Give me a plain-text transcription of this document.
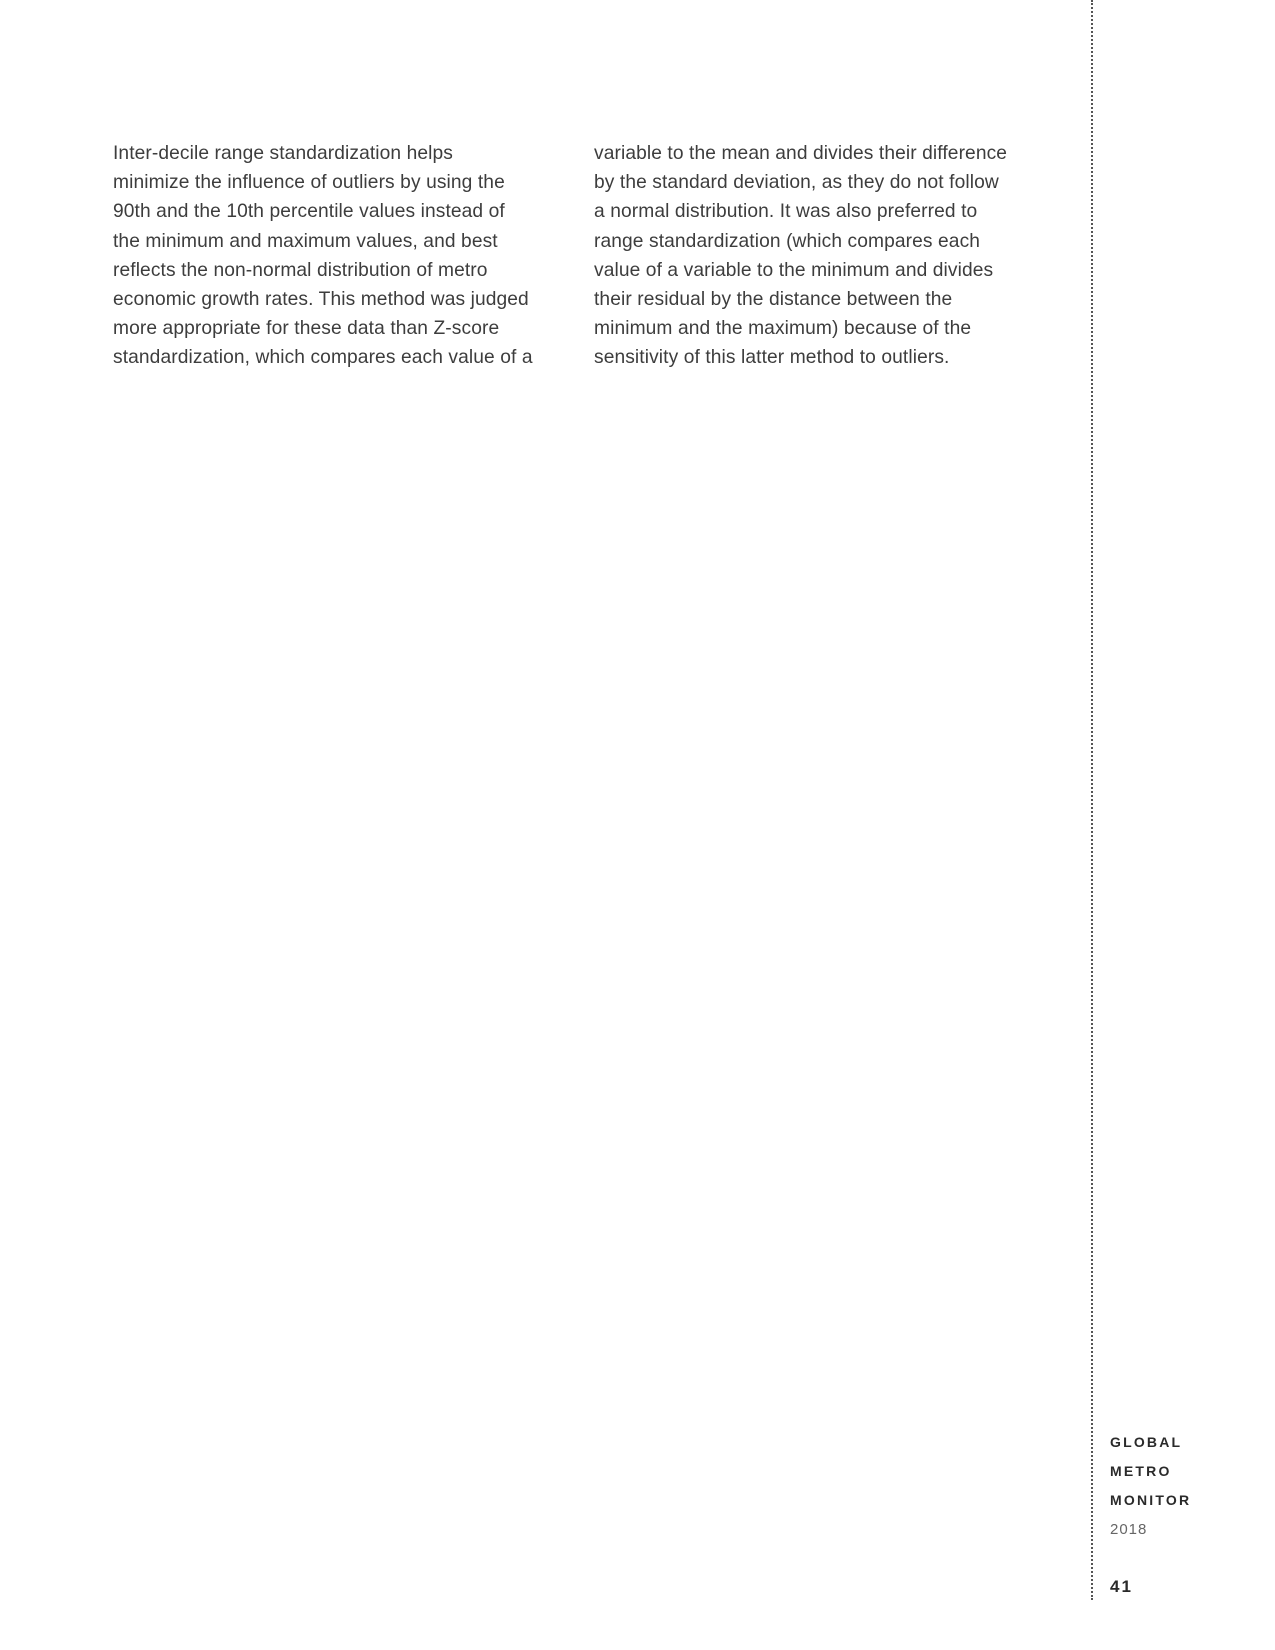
Inter-decile range standardization helps
minimize the influence of outliers by using the
90th and the 10th percentile values instead of
the minimum and maximum values, and best
reflects the non-normal distribution of metro
economic growth rates. This method was judged
more appropriate for these data than Z-score
standardization, which compares each value of a

variable to the mean and divides their difference
by the standard deviation, as they do not follow
a normal distribution. It was also preferred to
range standardization (which compares each
value of a variable to the minimum and divides
their residual by the distance between the
minimum and the maximum) because of the
sensitivity of this latter method to outliers.

GLOBAL
METRO
MONITOR
2018
41
